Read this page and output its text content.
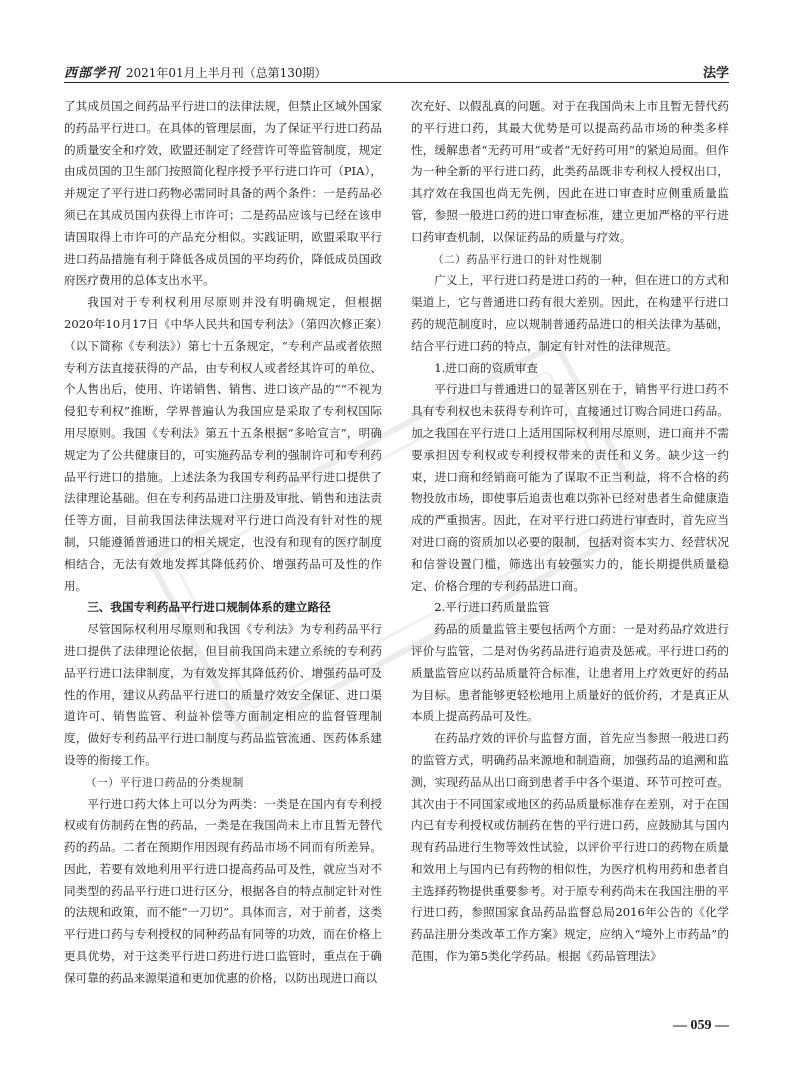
西部学刊 2021年01月上半月刊（总第130期）	法学

了其成员国之间药品平行进口的法律法规，但禁止区域外国家的药品平行进口。在具体的管理层面，为了保证平行进口药品的质量安全和疗效，欧盟还制定了经营许可等监管制度，规定由成员国的卫生部门按照简化程序授予平行进口许可（PIA），并规定了平行进口药物必需同时具备的两个条件：一是药品必须已在其成员国内获得上市许可；二是药品应该与已经在该申请国取得上市许可的产品充分相似。实践证明，欧盟采取平行进口药品措施有利于降低各成员国的平均药价，降低成员国政府医疗费用的总体支出水平。

我国对于专利权利用尽原则并没有明确规定，但根据2020年10月17日《中华人民共和国专利法》（第四次修正案）（以下简称《专利法》）第七十五条规定，“专利产品或者依照专利方法直接获得的产品，由专利权人或者经其许可的单位、个人售出后，使用、许诺销售、销售、进口该产品的”“不视为侵犯专利权”推断，学界普遍认为我国应是采取了专利权国际用尽原则。我国《专利法》第五十五条根据“多哈宣言”，明确规定为了公共健康目的，可实施药品专利的强制许可和专利药品平行进口的措施。上述法条为我国专利药品平行进口提供了法律理论基础。但在专利药品进口注册及审批、销售和违法责任等方面，目前我国法律法规对平行进口尚没有针对性的规制，只能遵循普通进口的相关规定，也没有和现有的医疗制度相结合，无法有效地发挥其降低药价、增强药品可及性的作用。

三、我国专利药品平行进口规制体系的建立路径

尽管国际权利用尽原则和我国《专利法》为专利药品平行进口提供了法律理论依据，但目前我国尚未建立系统的专利药品平行进口法律制度，为有效发挥其降低药价、增强药品可及性的作用，建议从药品平行进口的质量疗效安全保证、进口渠道许可、销售监管、利益补偿等方面制定相应的监督管理制度，做好专利药品平行进口制度与药品监管流通、医药体系建设等的衔接工作。

（一）平行进口药品的分类规制

平行进口药大体上可以分为两类：一类是在国内有专利授权或有仿制药在售的药品，一类是在我国尚未上市且暂无替代药的药品。二者在预期作用因现有药品市场不同而有所差异。因此，若要有效地利用平行进口提高药品可及性，就应当对不同类型的药品平行进口进行区分，根据各自的特点制定针对性的法规和政策，而不能“一刀切”。具体而言，对于前者，这类平行进口药与专利授权的同种药品有同等的功效，而在价格上更具优势，对于这类平行进口药进行进口监管时，重点在于确保可靠的药品来源渠道和更加优惠的价格，以防出现进口商以

次充好、以假乱真的问题。对于在我国尚未上市且暂无替代药的平行进口药，其最大优势是可以提高药品市场的种类多样性，缓解患者“无药可用”或者“无好药可用”的紧迫局面。但作为一种全新的平行进口药，此类药品既非专利权人授权出口，其疗效在我国也尚无先例，因此在进口审查时应侧重质量监管，参照一般进口药的进口审查标准，建立更加严格的平行进口药审查机制，以保证药品的质量与疗效。

（二）药品平行进口的针对性规制

广义上，平行进口药是进口药的一种，但在进口的方式和渠道上，它与普通进口药有很大差别。因此，在构建平行进口药的规范制度时，应以规制普通药品进口的相关法律为基础，结合平行进口药的特点，制定有针对性的法律规范。

1.进口商的资质审查

平行进口与普通进口的显著区别在于，销售平行进口药不具有专利权也未获得专利许可，直接通过订购合同进口药品。加之我国在平行进口上适用国际权利用尽原则，进口商并不需要承担因专利权或专利授权带来的责任和义务。缺少这一约束，进口商和经销商可能为了谋取不正当利益，将不合格的药物投放市场，即使事后追责也难以弥补已经对患者生命健康造成的严重损害。因此，在对平行进口药进行审查时，首先应当对进口商的资质加以必要的限制，包括对资本实力、经营状况和信誉设置门槛，筛选出有较强实力的，能长期提供质量稳定、价格合理的专利药品进口商。

2.平行进口药质量监管

药品的质量监管主要包括两个方面：一是对药品疗效进行评价与监管，二是对伪劣药品进行追责及惩戒。平行进口药的质量监管应以药品质量符合标准，让患者用上疗效更好的药品为目标。患者能够更轻松地用上质量好的低价药，才是真正从本质上提高药品可及性。

在药品疗效的评价与监督方面，首先应当参照一般进口药的监管方式，明确药品来源地和制造商，加强药品的追溯和监测，实现药品从出口商到患者手中各个渠道、环节可控可查。其次由于不同国家或地区的药品质量标准存在差别，对于在国内已有专利授权或仿制药在售的平行进口药，应鼓励其与国内现有药品进行生物等效性试验，以评价平行进口的药物在质量和效用上与国内已有药物的相似性，为医疗机构用药和患者自主选择药物提供重要参考。对于原专利药尚未在我国注册的平行进口药，参照国家食品药品监督总局2016年公告的《化学药品注册分类改革工作方案》规定，应纳入“境外上市药品”的范围，作为第5类化学药品。根据《药品管理法》

— 059 —
